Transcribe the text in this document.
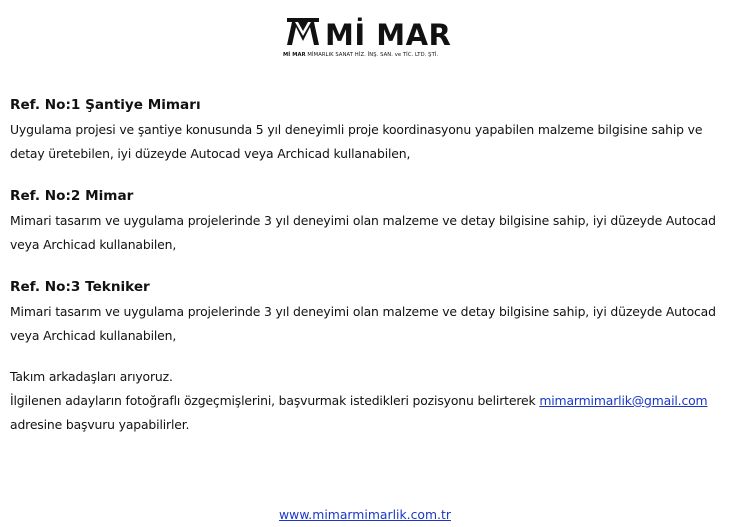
Mİ MAR
Mİ MAR MİMARLIK SANAT HİZ. İNŞ. SAN. ve TİC. LTD. ŞTİ.
Ref. No:1 Şantiye Mimarı

Uygulama projesi ve şantiye konusunda 5 yıl deneyimli proje koordinasyonu yapabilen malzeme bilgisine sahip ve detay üretebilen, iyi düzeyde Autocad veya Archicad kullanabilen,

Ref. No:2 Mimar

Mimari tasarım ve uygulama projelerinde 3 yıl deneyimi olan malzeme ve detay bilgisine sahip, iyi düzeyde Autocad veya Archicad kullanabilen,

Ref. No:3 Tekniker

Mimari tasarım ve uygulama projelerinde 3 yıl deneyimi olan malzeme ve detay bilgisine sahip, iyi düzeyde Autocad veya Archicad kullanabilen,

Takım arkadaşları arıyoruz.

İlgilenen adayların fotoğraflı özgeçmişlerini, başvurmak istedikleri pozisyonu belirterek mimarmimarlik@gmail.com

adresine başvuru yapabilirler.

www.mimarmimarlik.com.tr
